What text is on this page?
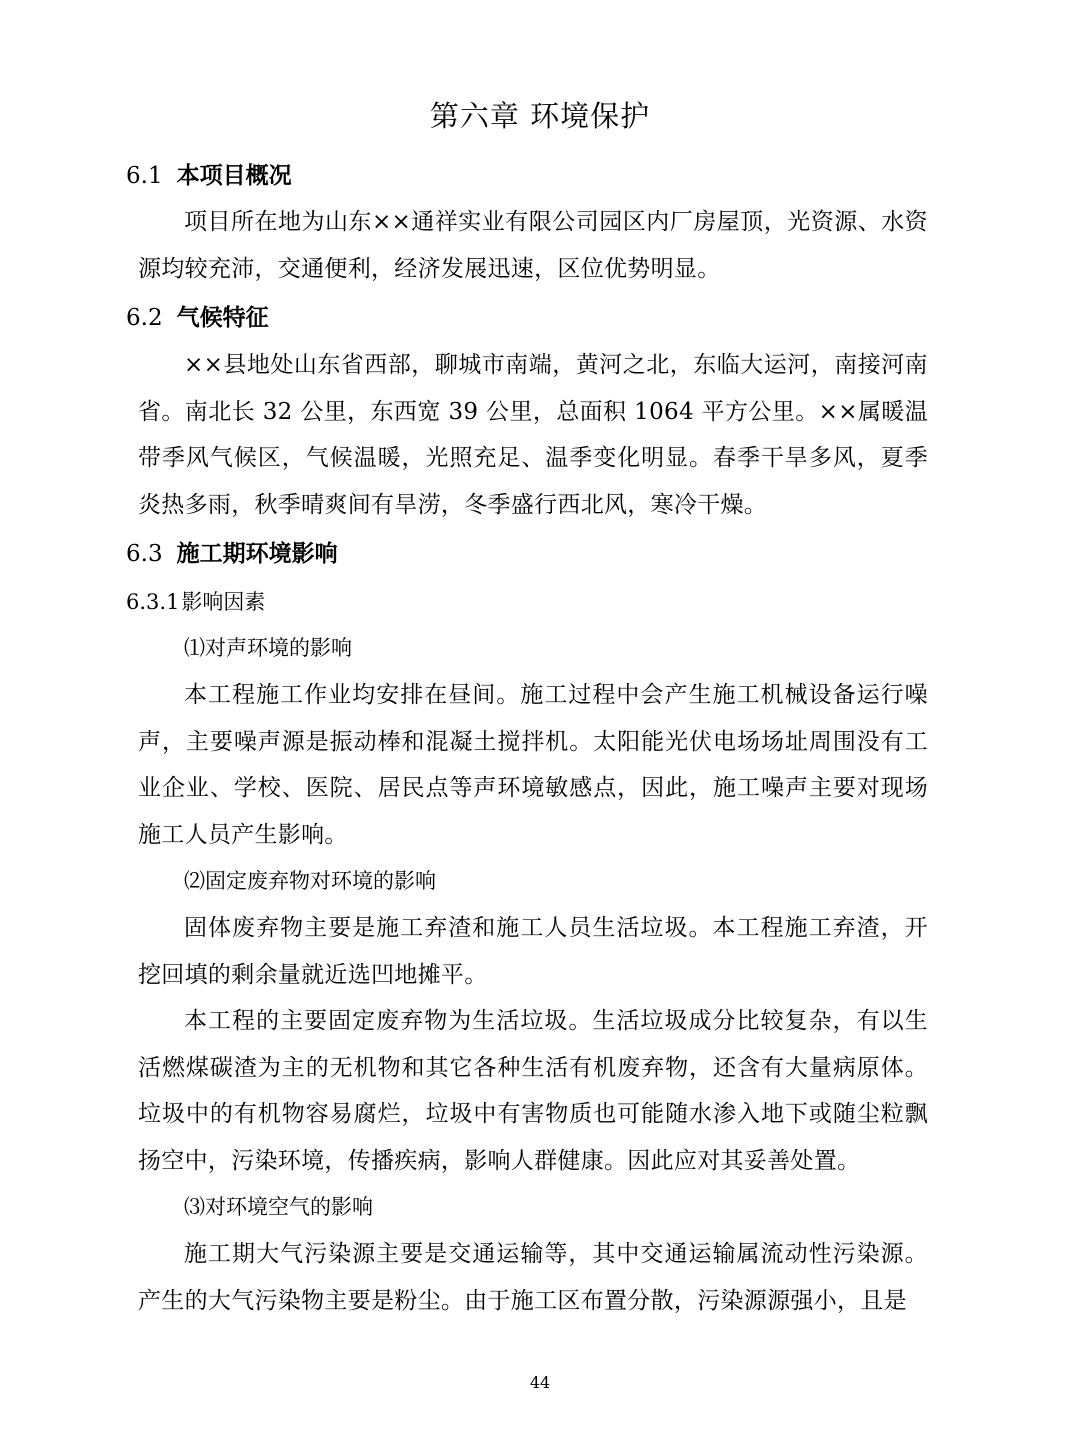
第六章 环境保护
6.1 本项目概况
项目所在地为山东××通祥实业有限公司园区内厂房屋顶，光资源、水资源均较充沛，交通便利，经济发展迅速，区位优势明显。
6.2 气候特征
××县地处山东省西部，聊城市南端，黄河之北，东临大运河，南接河南省。南北长 32 公里，东西宽 39 公里，总面积 1064 平方公里。××属暖温带季风气候区，气候温暖，光照充足、温季变化明显。春季干旱多风，夏季炎热多雨，秋季晴爽间有旱涝，冬季盛行西北风，寒冷干燥。
6.3 施工期环境影响
6.3.1影响因素
⑴对声环境的影响
本工程施工作业均安排在昼间。施工过程中会产生施工机械设备运行噪声，主要噪声源是振动棒和混凝土搅拌机。太阳能光伏电场场址周围没有工业企业、学校、医院、居民点等声环境敏感点，因此，施工噪声主要对现场施工人员产生影响。
⑵固定废弃物对环境的影响
固体废弃物主要是施工弃渣和施工人员生活垃圾。本工程施工弃渣，开挖回填的剩余量就近选凹地摊平。
本工程的主要固定废弃物为生活垃圾。生活垃圾成分比较复杂，有以生活燃煤碳渣为主的无机物和其它各种生活有机废弃物，还含有大量病原体。垃圾中的有机物容易腐烂，垃圾中有害物质也可能随水渗入地下或随尘粒飘扬空中，污染环境，传播疾病，影响人群健康。因此应对其妥善处置。
⑶对环境空气的影响
施工期大气污染源主要是交通运输等，其中交通运输属流动性污染源。产生的大气污染物主要是粉尘。由于施工区布置分散，污染源源强小，且是
44
